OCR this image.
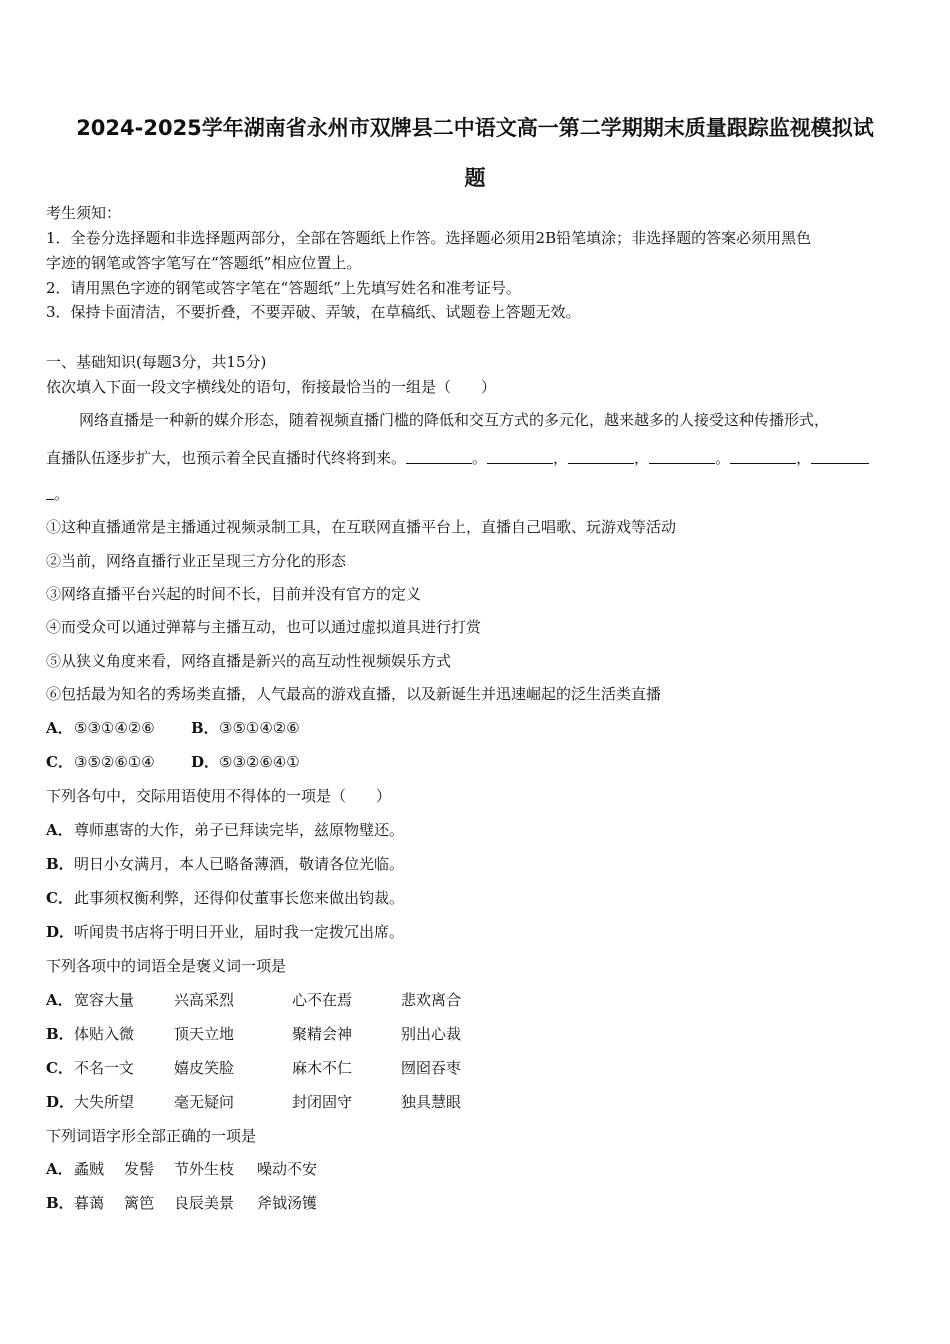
2024-2025学年湖南省永州市双牌县二中语文高一第二学期期末质量跟踪监视模拟试
题
考生须知：
1．全卷分选择题和非选择题两部分，全部在答题纸上作答。选择题必须用2B铅笔填涂；非选择题的答案必须用黑色
字迹的钢笔或答字笔写在“答题纸”相应位置上。
2．请用黑色字迹的钢笔或答字笔在“答题纸”上先填写姓名和准考证号。
3．保持卡面清洁，不要折叠，不要弄破、弄皱，在草稿纸、试题卷上答题无效。
一、基础知识(每题3分，共15分)
依次填入下面一段文字横线处的语句，衔接最恰当的一组是（　　）
网络直播是一种新的媒介形态，随着视频直播门槛的降低和交互方式的多元化，越来越多的人接受这种传播形式，
直播队伍逐步扩大，也预示着全民直播时代终将到来。	。	，	，	。	，
。
①这种直播通常是主播通过视频录制工具，在互联网直播平台上，直播自己唱歌、玩游戏等活动
②当前，网络直播行业正呈现三方分化的形态
③网络直播平台兴起的时间不长，目前并没有官方的定义
④而受众可以通过弹幕与主播互动，也可以通过虚拟道具进行打赏
⑤从狭义角度来看，网络直播是新兴的高互动性视频娱乐方式
⑥包括最为知名的秀场类直播，人气最高的游戏直播，以及新诞生并迅速崛起的泛生活类直播
A．⑤③①④②⑥ B．③⑤①④②⑥
C．③⑤②⑥①④ D．⑤③②⑥④①
下列各句中，交际用语使用不得体的一项是（　　）
A．尊师惠寄的大作，弟子已拜读完毕，兹原物璧还。
B．明日小女满月，本人已略备薄酒，敬请各位光临。
C．此事须权衡利弊，还得仰仗董事长您来做出钧裁。
D．听闻贵书店将于明日开业，届时我一定拨冗出席。
下列各项中的词语全是褒义词一项是
A．宽容大量	兴高采烈	心不在焉	悲欢离合
B．体贴入微	顶天立地	聚精会神	别出心裁
C．不名一文	嬉皮笑脸	麻木不仁	囫囵吞枣
D．大失所望	毫无疑问	封闭固守	独具慧眼
下列词语字形全部正确的一项是
A．蟊贼 发髻 节外生枝 噪动不安
B．暮蔼 篱笆 良辰美景 斧钺汤镬
